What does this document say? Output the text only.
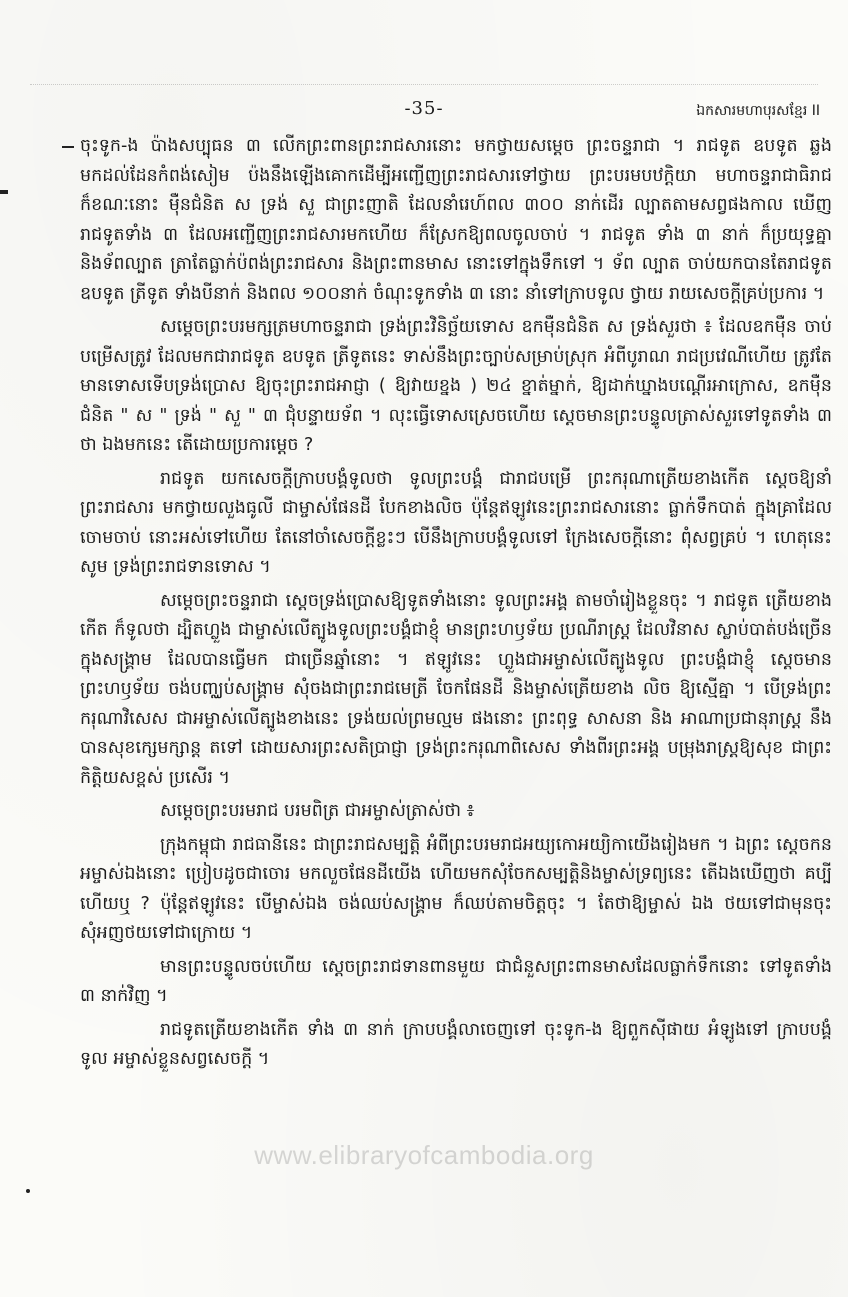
-35-	ឯកសារមហាបុរសខ្មែរ II

ចុះទូក-ង ប៉ាងសប្បុធន ៣ លើកព្រះពានព្រះរាជសារនោះ មកថ្វាយសម្ដេច ព្រះចន្ទរាជា ។ រាជទូត ឧបទូត ឆ្លងមកដល់ដែនកំពង់សៀម ប៉ងនឹងឡើងគោកដើម្បីអញ្ជើញព្រះរាជសារទៅថ្វាយ ព្រះបរមបឋក្តិយា មហាចន្ទរាជាធិរាជ ក៏ខណៈនោះ ម៉ឺនជំនិត ស ទ្រង់ សួ ជាព្រះញាតិ ដែលនាំរេហ៍ពល ៣០០ នាក់ដើរ ល្បាតតាមសព្វផងកាល ឃើញរាជទូតទាំង ៣ ដែលអញ្ជើញព្រះរាជសារមកហើយ ក៏ស្រែកឱ្យពលចូលចាប់ ។ រាជទូត ទាំង ៣ នាក់ ក៏ប្រយុទ្ធគ្នា និងទ័ពល្បាត ត្រាតែធ្លាក់ប៉ពង់ព្រះរាជសារ និងព្រះពានមាស នោះទៅក្នុងទឹកទៅ ។ ទ័ព ល្បាត ចាប់យកបានតែរាជទូត ឧបទូត ត្រីទូត ទាំងបីនាក់ និងពល ១០០នាក់ ចំណុះទូកទាំង ៣ នោះ នាំទៅក្រាបទូល ថ្វាយ រាយសេចក្ដីគ្រប់ប្រការ ។

សម្ដេចព្រះបរមក្សត្រមហាចន្ទរាជា ទ្រង់ព្រះវិនិច្ឆ័យទោស ឧកម៉ឺនជំនិត ស ទ្រង់សួរថា ៖ ដែលឧកម៉ឺន ចាប់បម្រើសត្រូវ ដែលមកជារាជទូត ឧបទូត ត្រីទូតនេះ ទាស់នឹងព្រះច្បាប់សម្រាប់ស្រុក អំពីបូរាណ រាជប្រវេណីហើយ ត្រូវតែមានទោសទើបទ្រង់ប្រោស ឱ្យចុះព្រះរាជអាជ្ញា ( ឱ្យវាយខ្នង ) ២៤ ខ្នាត់ម្នាក់, ឱ្យដាក់ឃ្នាងបណ្ដើរអាក្រោស, ឧកម៉ឺនជំនិត " ស " ទ្រង់ " សួ " ៣ ជុំបន្ទាយទ័ព ។ លុះធ្វើទោសស្រេចហើយ ស្ដេចមានព្រះបន្ទូលត្រាស់សួរទៅទូតទាំង ៣ ថា ឯងមកនេះ តើដោយប្រការម្ដេច ?

រាជទូត យកសេចក្ដីក្រាបបង្គំទូលថា ទូលព្រះបង្គំ ជារាជបម្រើ ព្រះករុណាត្រើយខាងកើត ស្ដេចឱ្យនាំ ព្រះរាជសារ មកថ្វាយលួងធូលី ជាម្ចាស់ផែនដី បែកខាងលិច ប៉ុន្តែឥឡូវនេះព្រះរាជសារនោះ ធ្លាក់ទឹកបាត់ ក្នុងគ្រាដែលចោមចាប់ នោះអស់ទៅហើយ តែនៅចាំសេចក្ដីខ្លះៗ បើនឹងក្រាបបង្គំទូលទៅ ក្រែងសេចក្ដីនោះ ពុំសព្វគ្រប់ ។ ហេតុនេះសូម ទ្រង់ព្រះរាជទានទោស ។

សម្ដេចព្រះចន្ទរាជា ស្ដេចទ្រង់ប្រោសឱ្យទូតទាំងនោះ ទូលព្រះអង្គ តាមចាំរៀងខ្លួនចុះ ។ រាជទូត ត្រើយខាងកើត ក៏ទូលថា ដ្បិតហ្លួង ជាម្ចាស់លើត្បូងទូលព្រះបង្គំជាខ្ញុំ មានព្រះហឫទ័យ ប្រណីរាស្ត្រ ដែលវិនាស ស្លាប់បាត់បង់ច្រើន ក្នុងសង្គ្រាម ដែលបានធ្វើមក ជាច្រើនឆ្នាំនោះ ។ ឥឡូវនេះ ហ្លួងជាអម្ចាស់លើត្បូងទូល ព្រះបង្គំជាខ្ញុំ ស្ដេចមានព្រះហឫទ័យ ចង់បញ្ឈប់សង្គ្រាម សុំចងជាព្រះរាជមេត្រី ចែកផែនដី និងម្ចាស់ត្រើយខាង លិច ឱ្យស្មើគ្នា ។ បើទ្រង់ព្រះករុណាវិសេស ជាអម្ចាស់លើត្បូងខាងនេះ ទ្រង់យល់ព្រមល្មម ផងនោះ ព្រះពុទ្ធ សាសនា និង អាណាប្រជានុរាស្ត្រ នឹងបានសុខក្សេមក្សាន្ត តទៅ ដោយសារព្រះសតិប្រាជ្ញា ទ្រង់ព្រះករុណាពិសេស ទាំងពីរព្រះអង្គ បម្រុងរាស្ត្រឱ្យសុខ ជាព្រះកិត្តិយសខ្ពស់ ប្រសើរ ។

សម្ដេចព្រះបរមរាជ បរមពិត្រ ជាអម្ចាស់ត្រាស់ថា ៖

ក្រុងកម្ពុជា រាជធានីនេះ ជាព្រះរាជសម្បត្តិ អំពីព្រះបរមរាជអយ្យកោអយ្យិកាយើងរៀងមក ។ ឯព្រះ ស្ដេចកន អម្ចាស់ឯងនោះ ប្រៀបដូចជាចោរ មកលួចផែនដីយើង ហើយមកសុំចែកសម្បត្តិនិងម្ចាស់ទ្រព្យនេះ តើឯងឃើញថា គប្បីហើយឬ ? ប៉ុន្តែឥឡូវនេះ បើម្ចាស់ឯង ចង់ឈប់សង្គ្រាម ក៏ឈប់តាមចិត្តចុះ ។ តែថាឱ្យម្ចាស់ ឯង ថយទៅជាមុនចុះ សុំអញថយទៅជាក្រោយ ។

មានព្រះបន្ទូលចប់ហើយ ស្ដេចព្រះរាជទានពានមួយ ជាជំនួសព្រះពានមាសដែលធ្លាក់ទឹកនោះ ទៅទូតទាំង ៣ នាក់វិញ ។

រាជទូតត្រើយខាងកើត ទាំង ៣ នាក់ ក្រាបបង្គំលាចេញទៅ ចុះទូក-ង ឱ្យពួកស៊ីផាយ អំឡូងទៅ ក្រាបបង្គំ ទូល អម្ចាស់ខ្លួនសព្វសេចក្ដី ។

www.elibraryofcambodia.org
